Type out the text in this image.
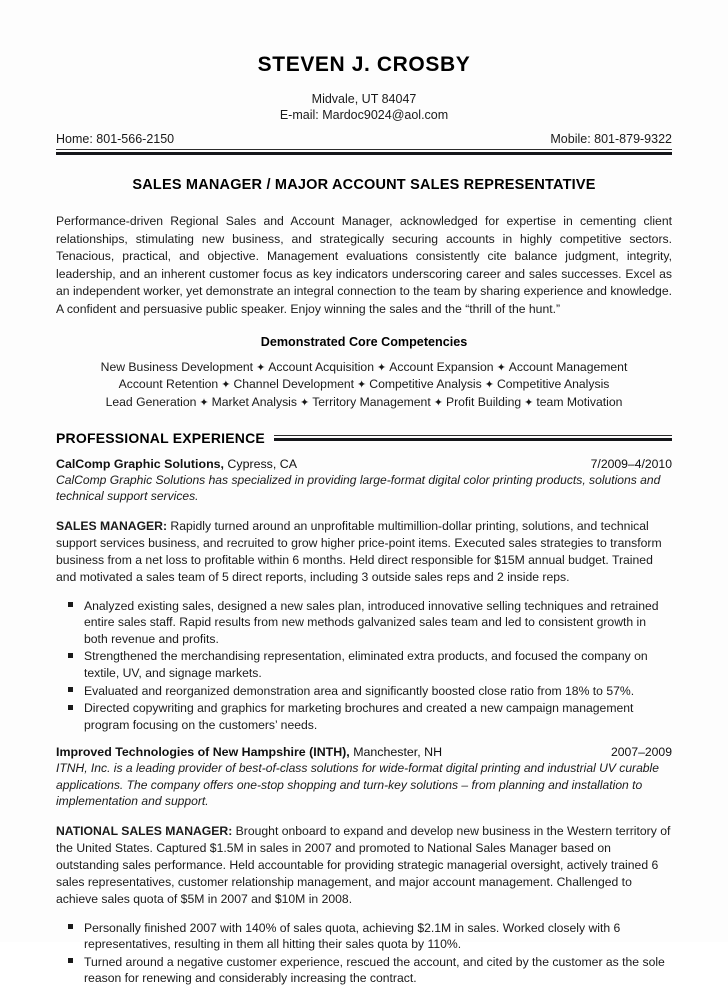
STEVEN J. CROSBY
Midvale, UT 84047
E-mail: Mardoc9024@aol.com
Home: 801-566-2150	Mobile: 801-879-9322
SALES MANAGER / MAJOR ACCOUNT SALES REPRESENTATIVE

Performance-driven Regional Sales and Account Manager, acknowledged for expertise in cementing client relationships, stimulating new business, and strategically securing accounts in highly competitive sectors. Tenacious, practical, and objective. Management evaluations consistently cite balance judgment, integrity, leadership, and an inherent customer focus as key indicators underscoring career and sales successes. Excel as an independent worker, yet demonstrate an integral connection to the team by sharing experience and knowledge. A confident and persuasive public speaker. Enjoy winning the sales and the “thrill of the hunt.”

Demonstrated Core Competencies
New Business Development ✦ Account Acquisition ✦ Account Expansion ✦ Account Management
Account Retention ✦ Channel Development ✦ Competitive Analysis ✦ Competitive Analysis
Lead Generation ✦ Market Analysis ✦ Territory Management ✦ Profit Building ✦ team Motivation
PROFESSIONAL EXPERIENCE
CalComp Graphic Solutions, Cypress, CA	7/2009–4/2010

CalComp Graphic Solutions has specialized in providing large-format digital color printing products, solutions and technical support services.

SALES MANAGER: Rapidly turned around an unprofitable multimillion-dollar printing, solutions, and technical support services business, and recruited to grow higher price-point items. Executed sales strategies to transform business from a net loss to profitable within 6 months. Held direct responsible for $15M annual budget. Trained and motivated a sales team of 5 direct reports, including 3 outside sales reps and 2 inside reps.

Analyzed existing sales, designed a new sales plan, introduced innovative selling techniques and retrained entire sales staff. Rapid results from new methods galvanized sales team and led to consistent growth in both revenue and profits.
Strengthened the merchandising representation, eliminated extra products, and focused the company on textile, UV, and signage markets.
Evaluated and reorganized demonstration area and significantly boosted close ratio from 18% to 57%.
Directed copywriting and graphics for marketing brochures and created a new campaign management program focusing on the customers’ needs.
Improved Technologies of New Hampshire (INTH), Manchester, NH	2007–2009

ITNH, Inc. is a leading provider of best-of-class solutions for wide-format digital printing and industrial UV curable applications. The company offers one-stop shopping and turn-key solutions – from planning and installation to implementation and support.

NATIONAL SALES MANAGER: Brought onboard to expand and develop new business in the Western territory of the United States. Captured $1.5M in sales in 2007 and promoted to National Sales Manager based on outstanding sales performance. Held accountable for providing strategic managerial oversight, actively trained 6 sales representatives, customer relationship management, and major account management. Challenged to achieve sales quota of $5M in 2007 and $10M in 2008.

Personally finished 2007 with 140% of sales quota, achieving $2.1M in sales. Worked closely with 6 representatives, resulting in them all hitting their sales quota by 110%.
Turned around a negative customer experience, rescued the account, and cited by the customer as the sole reason for renewing and considerably increasing the contract.
